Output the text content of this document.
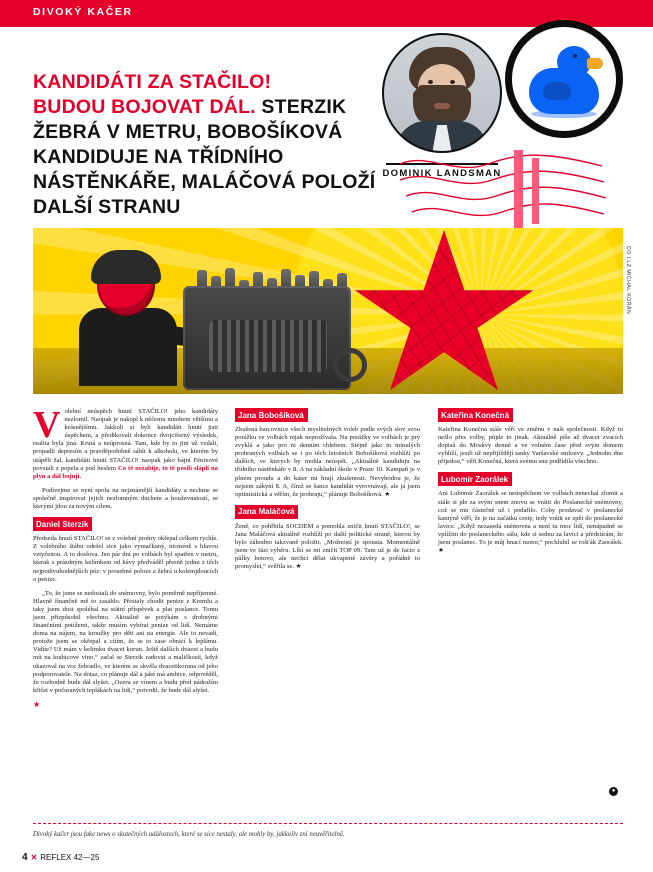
DIVOKÝ KAČER
KANDIDÁTI ZA STAČILO!
BUDOU BOJOVAT DÁL. STERZIK ŽEBRÁ V METRU, BOBOŠÍKOVÁ KANDIDUJE NA TŘÍDNÍHO NÁSTĚNKÁŘE, MALÁČOVÁ POLOŽÍ DALŠÍ STRANU
DOMINIK LANDSMAN
CO I LZ MICHAL KOŘÁN

V olební neúspěch hnutí STAČILO! jeho kandidáty nezlomil. Naopak je nakopl k něčemu mnohem většímu a krásnějšímu. Jakkoli si byli kandidáti hnutí jisti úspěchem, a předikovali dokonce dvojciferný výsledek, realita byla jiná. Krutá a neúprosná. Tam, kde by to jini už vzdali, propadli depresím a pravděpodobně sáhli k alkoholu, ve kterém by utápěli žal, kandidáti hnutí STAČILO! naopak jako bájní Fénixové povstali z popela a pod heslem Co tě nezabije, to tě posílí sláplí na plyn a dál bojují.

Podívejme se nyní spolu na nejznámější kandidáty a nechme se společně inspirovat jejich nezlomným duchem a houževnatostí, se kterými jdou za novým cílem.

Daniel Sterzik

Předseda hnutí STAČILO! se z volební prohry okřepal celkem rychle. Z volebního štábu odešel sice jako vymačkaný, nicméně s hlavou vztyčenou. A to doslova. Jen pár dní po volbách byl spatřen v metru, kterak s prázdným kelímkem od kávy předváděl přesně jednu z těch nejpodivuhodnějších póz: v prosebné poloze a žebrá u kolemjdoucích o penize.

„To, že jsme se nedostali do snémovny, bylo poměrně nepříjemné. Hlavně finančně mě to zasáhlo. Přestaly chodit penize z Kremlu a taky jsem dost spoléhal na státní příspěvek a plat poslance. Tomu jsem přizpůsobil všechno. Aktuálně se potýkám s drobnými finančními potížemi, takže musím vybírat penize od lidí. Nemáme doma na nájem, na kroužky pro děti ani na energie. Ale to nevadí, protože jsem se okřepal a cítím, že se to zase obrací k lepšímu. Vidíte? Už mám v kelímku dvacet korun. Ještě dalších dvacet a budu mít na krabicové vino,“ začal se Sterzik radovat a maličkosti, když ukazoval na vce žebradlo, ve kterém se skvěla dvacetikoruna od jeho podporovatele. Na dotaz, co plánuje dál a jaké má ambice, odpověděl, že rozhodně bude dál slyšet. „Ozeru se vínem a budu před nádražím křičet v počuraných teplákách na lidi,“ potvrdil, že bude dál slyšet.

★

Jana Bobošíková

Zkušená harcovnice všech myslitelných voleb podle svých slov svou porážku ve volbách nijak neprožívala. Na porážky ve volbách je prý zvyklá a jako pro ni denním chlebem. Stejně jako to minulých prohraných volbách se i po těch letošních Bobošíková rozhlíží po dalších, ve kterých by mohla neúspět. „Aktuálně kandiduju na třídního nástěnkáře v 8. A na základní škole v Praze 10. Kampaň je v plném proudu a do kater mi hrají zkušenosti. Nevyhodou je, že nejsem zákyní 8. A, čímž se šance kandidát vyrovnávají, ale já jsem optimistická a věřím, že prohraju,“ plánuje Bobošíková. ★

Jana Maláčová

Ženě, co pohřbila SOCDEM a pomohla zničit hnutí STAČILO!, se Jana Maláčová aktuálně rozhlíží po další politické straně, kterou by bylo záhodno takzvaně položit. „Možností je spousta. Momentálně jsem ve fázi výběru. Líbí se mi zničit TOP 09. Tam už je de facto z půlky hotovo, ale nechci dělat ukvapené závěry a pořádně to promyslet,“ svěřila se. ★

Kateřina Konečná

Kateřina Konečná stále věří ve změnu v naši společnosti. Když to nešlo přes volby, půjde to jinak. Aktuálně píše až dvacet zvacích dopisů do Moskvy denně a ve volném čase před svým domem vyhlíží, jestli už nepřijíždějí tanky Varšavské smlouvy. „Jednoho dne přijedou,“ věří Konečná, která svému snu podřídila všechno.

Lubomír Zaorálek

Ani Lubomír Zaorálek se neúspěchem ve volbách nenechal zlomit a stále si jde za svým snem znovu se vrátit do Poslanecké snémovny, což se mu částečně už i podařilo. Coby prodavač v poslanecké kantýně věří, že je na začátku cesty, tedy vrátit se zpět do poslanecké lavice. „Když nezasedá snémovna a není tu moc lidí, nenápadně se vplížim do poslaneckého sálu, kde si sednu za lavici a předstírám, že jsem poslanec. To je můj hnací motor,“ pochlubil se rošťák Zaorálek. ★

●
Divoký kačer jsou fake news o skutečných událostech, které se sice nestaly, ale mohly by, jakkoliv zní neuvěřitelně.
4 ✕ REFLEX 42—25
